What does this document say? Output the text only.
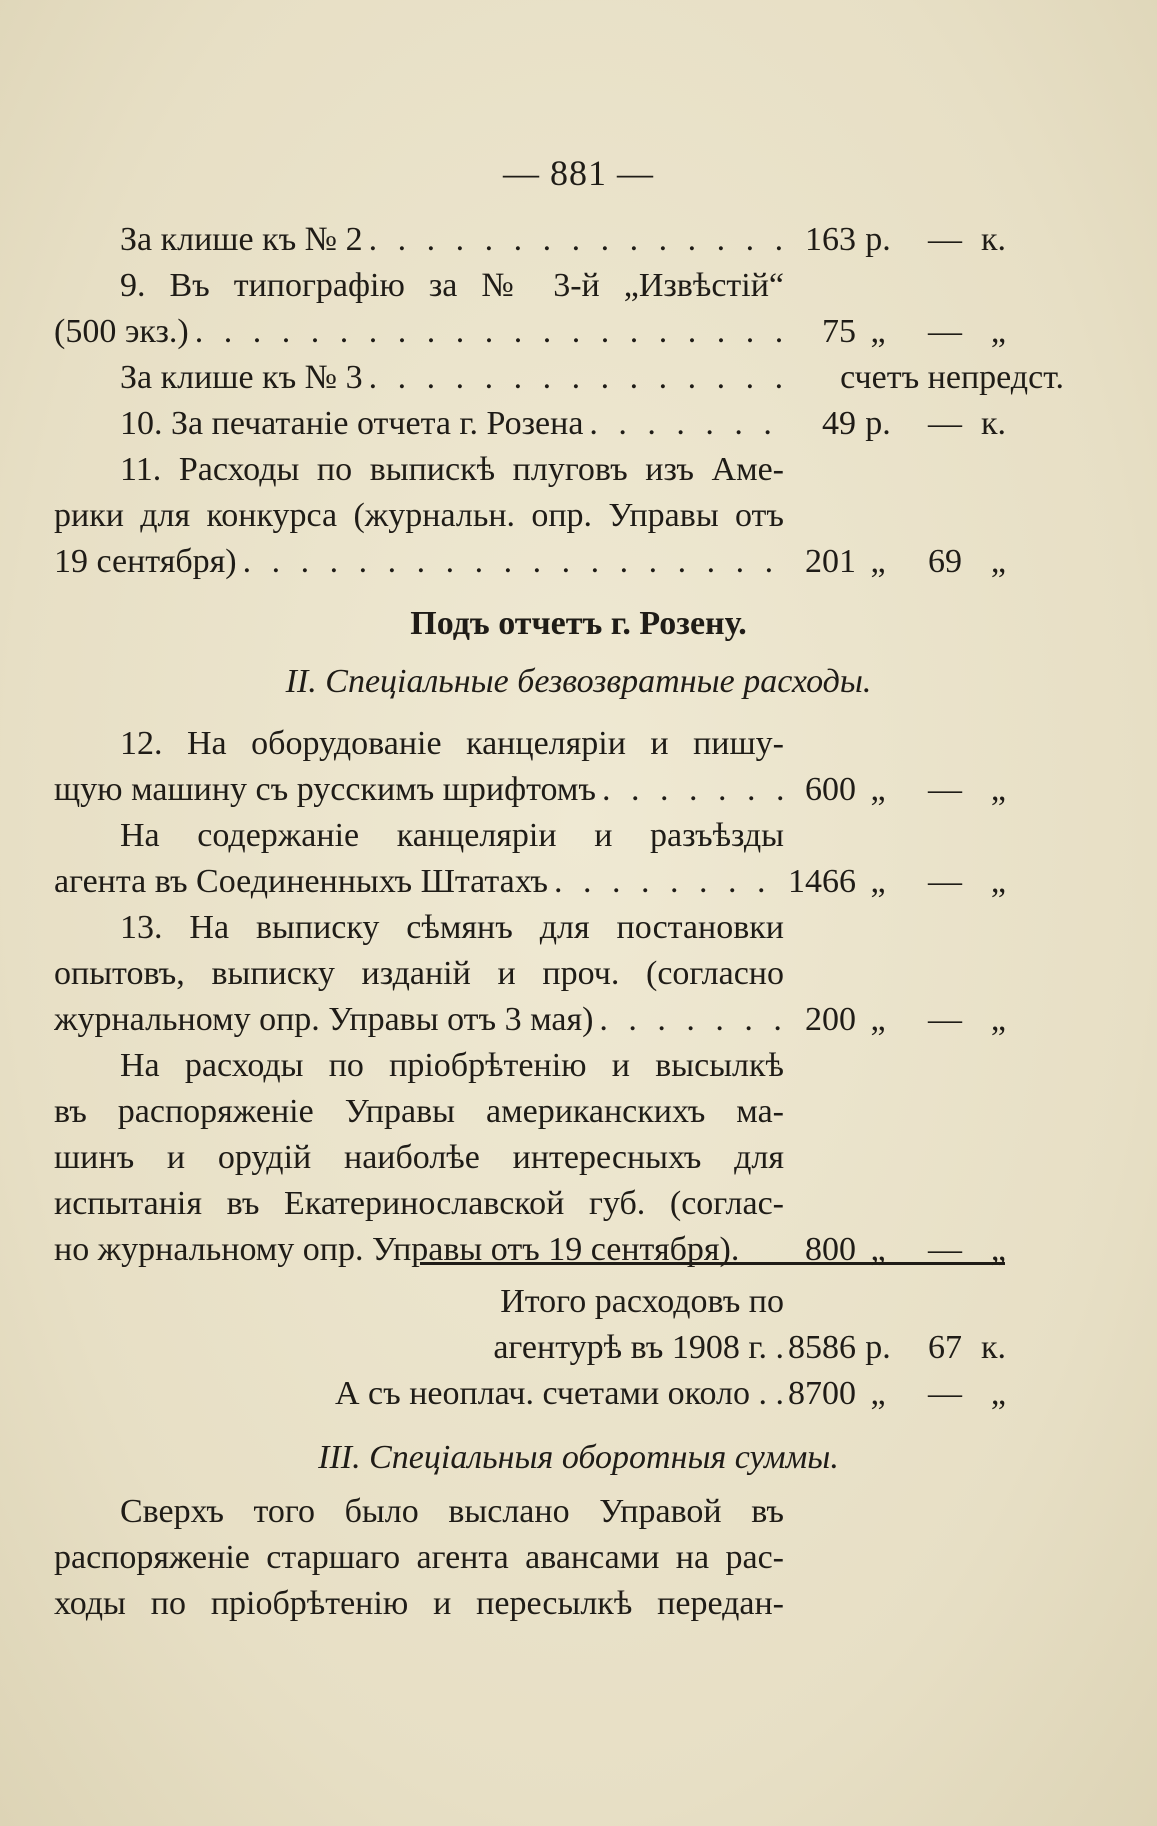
— 881 —
За клише къ № 2 . . .	163 р.	— к.
9. Въ типографію за № 3-й „Извѣстій“
(500 экз.) . . .	75 „	— „
За клише къ № 3 . . .	счетъ непредст.
10. За печатаніе отчета г. Розена . . .	49 р.	— к.
11. Расходы по выпискѣ плуговъ изъ Аме-
рики для конкурса (журнальн. опр. Управы отъ
19 сентября) . . .	201 „	69 „
12. На оборудованіе канцеляріи и пишу-
щую машину съ русскимъ шрифтомъ . . .	600 „	— „
На содержаніе канцеляріи и разъѣзды
агента въ Соединенныхъ Штатахъ . . .	1466 „	— „
13. На выписку сѣмянъ для постановки
опытовъ, выписку изданій и проч. (согласно
журнальному опр. Управы отъ 3 мая) . . .	200 „	— „
На расходы по пріобрѣтенію и высылкѣ
въ распоряженіе Управы американскихъ ма-
шинъ и орудій наиболѣе интересныхъ для
испытанія въ Екатеринославской губ. (соглас-
но журнальному опр. Управы отъ 19 сентября). 800 „	— „
Итого расходовъ по
агентурѣ въ 1908 г. . 8586 р.	67 к.
А съ неоплач. счетами около . . 8700 „	— „
Сверхъ того было выслано Управой въ
распоряженіе старшаго агента авансами на рас-
ходы по пріобрѣтенію и пересылкѣ передан-
Подъ отчетъ г. Розену.
II. Спеціальные безвозвратные расходы.
III. Спеціальныя оборотныя суммы.
